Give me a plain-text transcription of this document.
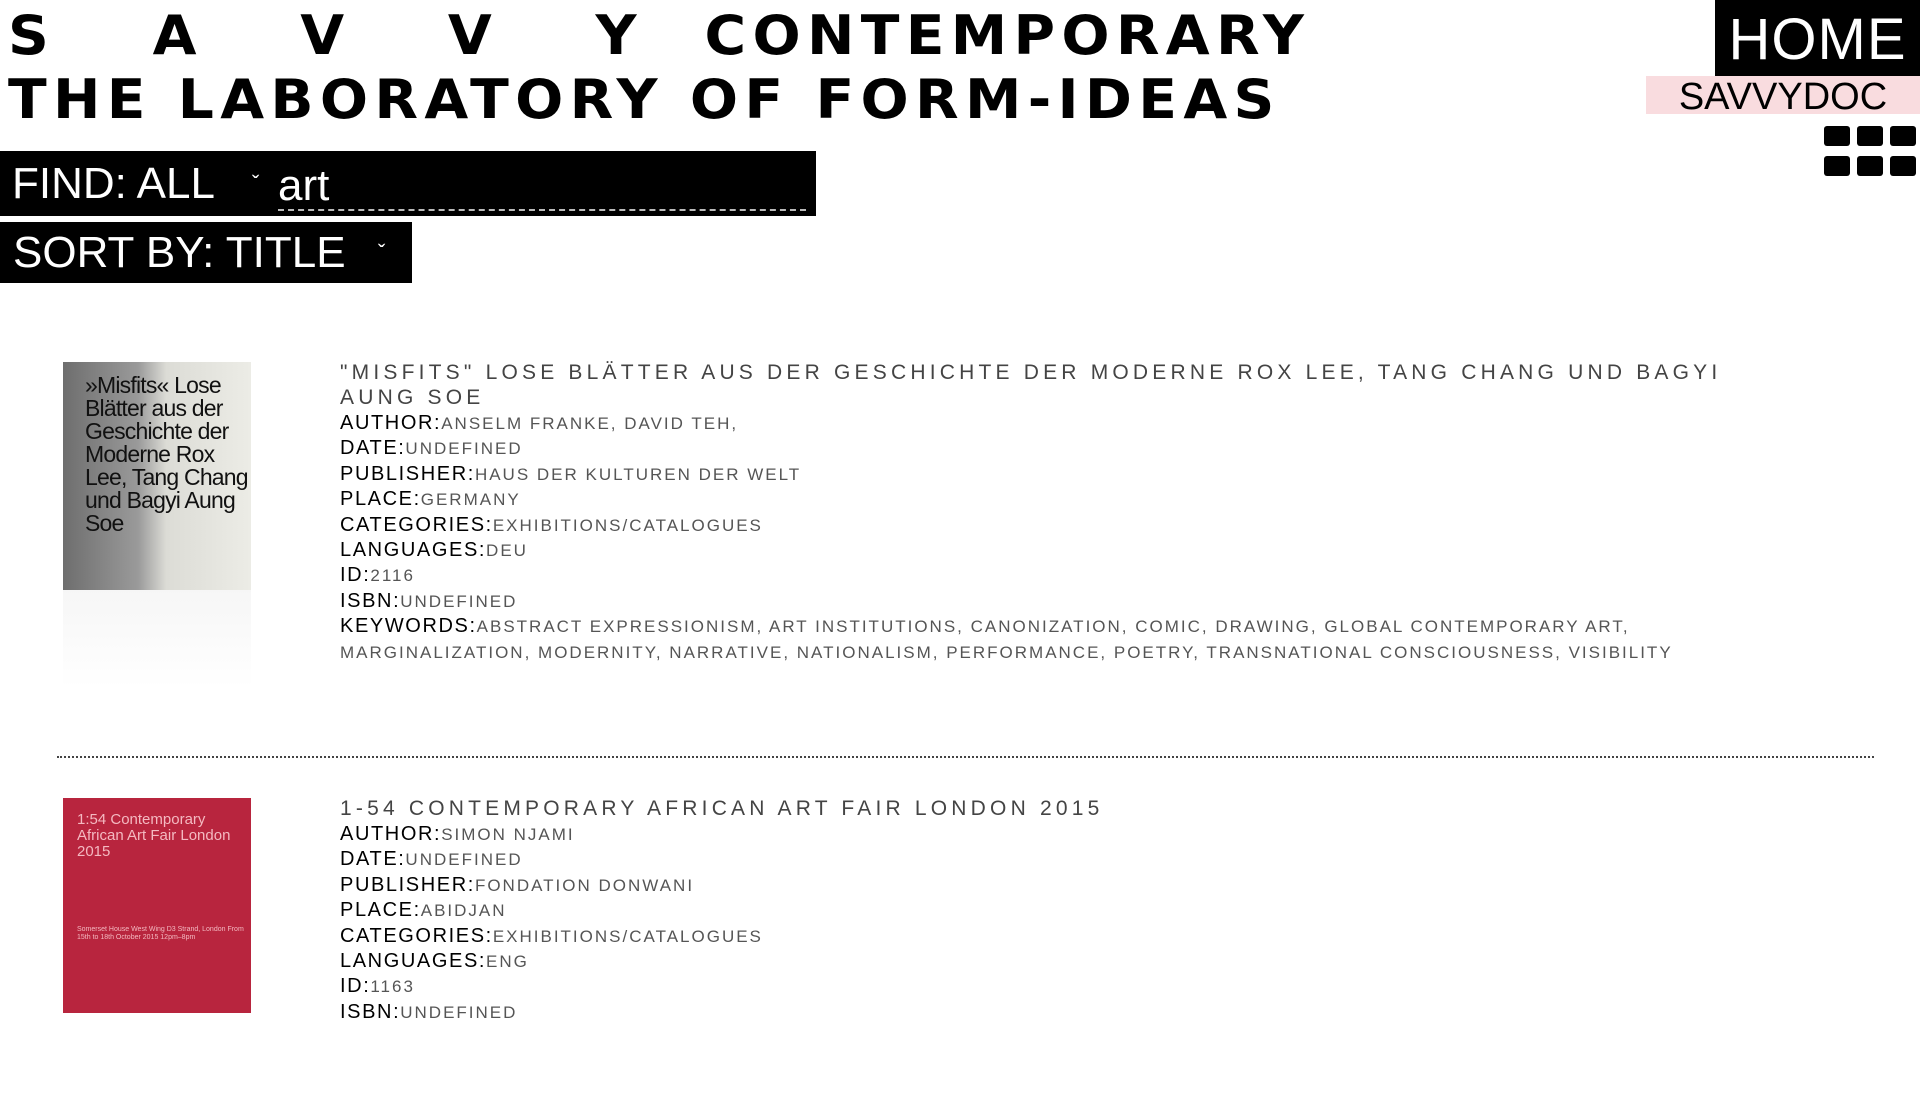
S A V V Y CONTEMPORARY
THE LABORATORY OF FORM-IDEAS
HOME
SAVVYDOC
FIND: ALL	ˇ
art
SORT BY: TITLE	ˇ
»Misfits« Lose Blätter aus der Geschichte der Moderne Rox Lee, Tang Chang und Bagyi Aung Soe
"MISFITS" LOSE BLÄTTER AUS DER GESCHICHTE DER MODERNE ROX LEE, TANG CHANG UND BAGYI AUNG SOE
AUTHOR:ANSELM FRANKE, DAVID TEH,
DATE:UNDEFINED
PUBLISHER:HAUS DER KULTUREN DER WELT
PLACE:GERMANY
CATEGORIES:EXHIBITIONS/CATALOGUES
LANGUAGES:DEU
ID:2116
ISBN:UNDEFINED
KEYWORDS:ABSTRACT EXPRESSIONISM, ART INSTITUTIONS, CANONIZATION, COMIC, DRAWING, GLOBAL CONTEMPORARY ART, MARGINALIZATION, MODERNITY, NARRATIVE, NATIONALISM, PERFORMANCE, POETRY, TRANSNATIONAL CONSCIOUSNESS, VISIBILITY
1:54 Contemporary African Art Fair London 2015
Somerset House West Wing D3 Strand, London From 15th to 18th October 2015 12pm–8pm
1-54 CONTEMPORARY AFRICAN ART FAIR LONDON 2015
AUTHOR:SIMON NJAMI
DATE:UNDEFINED
PUBLISHER:FONDATION DONWANI
PLACE:ABIDJAN
CATEGORIES:EXHIBITIONS/CATALOGUES
LANGUAGES:ENG
ID:1163
ISBN:UNDEFINED
